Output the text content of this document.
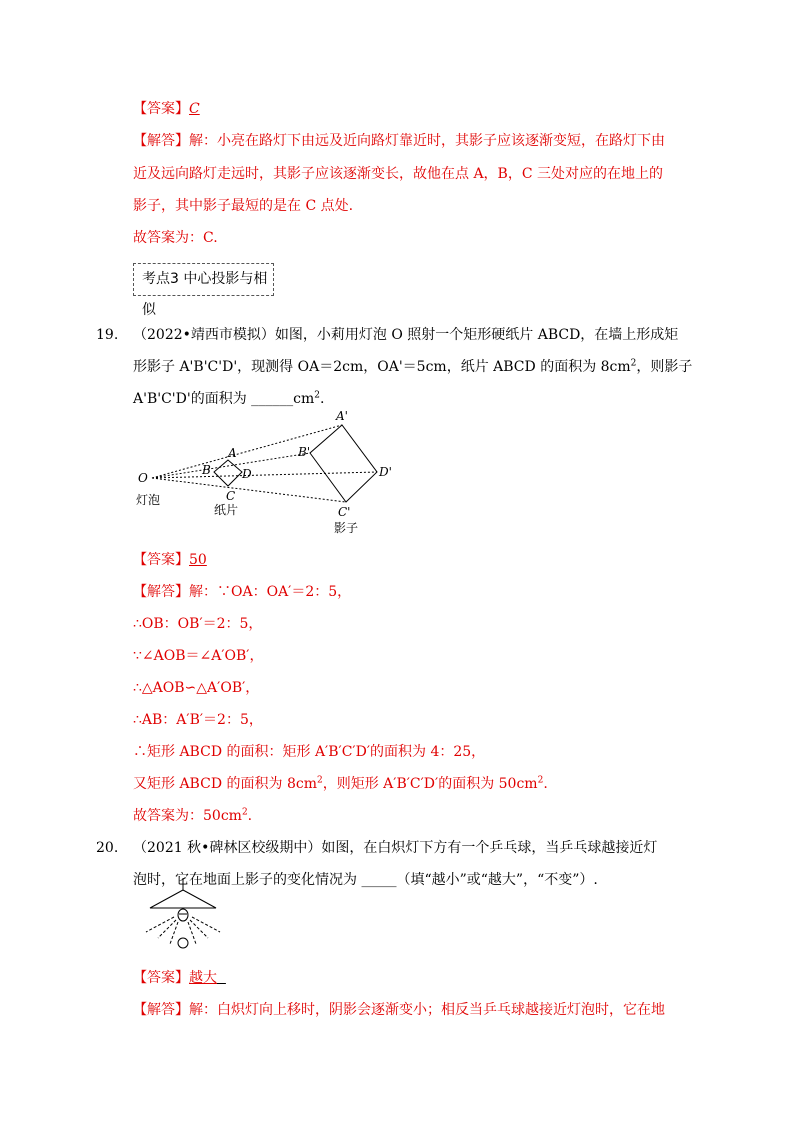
【答案】C
【解答】解：小亮在路灯下由远及近向路灯靠近时，其影子应该逐渐变短，在路灯下由
近及远向路灯走远时，其影子应该逐渐变长，故他在点 A，B，C 三处对应的在地上的
影子，其中影子最短的是在 C 点处.
故答案为：C.
考点3 中心投影与相似
19. （2022•靖西市模拟）如图，小莉用灯泡 O 照射一个矩形硬纸片 ABCD，在墙上形成矩
形影子 A'B'C'D'，现测得 OA＝2cm，OA'＝5cm，纸片 ABCD 的面积为 $8cm^2$，则影子
A'B'C'D'的面积为 $\_\_\_\_\_\_cm^2$.
O
A
B	D
C
A'
B'
D'
C'
灯泡
纸片
影子
【答案】50
【解答】解：∵OA：OA′＝2：5，
∴OB：OB′＝2：5，
∵∠AOB＝∠A′OB′，
∴△AOB∽△A′OB′，
∴AB：A′B′＝2：5，
∴矩形 ABCD 的面积：矩形 A′B′C′D′的面积为 4：25，
又矩形 ABCD 的面积为 $8cm^2$，则矩形 A′B′C′D′的面积为 $50cm^2$.
故答案为：$50cm^2$.
20. （2021 秋•碑林区校级期中）如图，在白炽灯下方有一个乒乓球，当乒乓球越接近灯
泡时，它在地面上影子的变化情况为 _____（填“越小”或“越大”，“不变”）.
【答案】越大
【解答】解：白炽灯向上移时，阴影会逐渐变小；相反当乒乓球越接近灯泡时，它在地
